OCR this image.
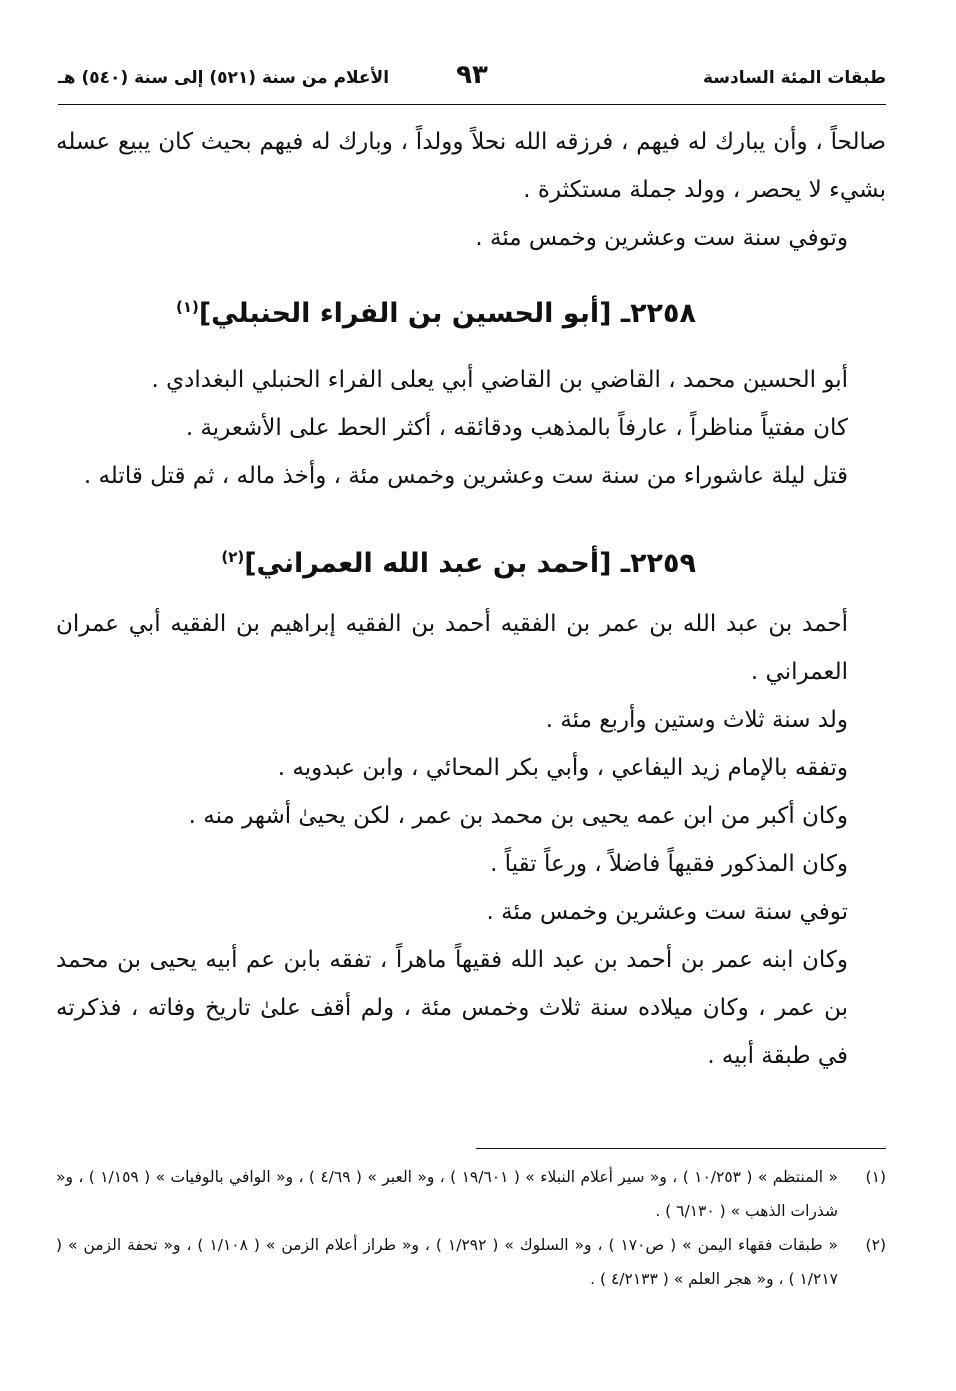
طبقات المئة السادسة
٩٣
الأعلام من سنة (٥٢١) إلى سنة (٥٤٠) هـ

صالحاً ، وأن يبارك له فيهم ، فرزقه الله نحلاً وولداً ، وبارك له فيهم بحيث كان يبيع عسله بشيء لا يحصر ، وولد جملة مستكثرة .

وتوفي سنة ست وعشرين وخمس مئة .

٢٢٥٨ـ [أبو الحسين بن الفراء الحنبلي]$^{(١)}$

أبو الحسين محمد ، القاضي بن القاضي أبي يعلى الفراء الحنبلي البغدادي .

كان مفتياً مناظراً ، عارفاً بالمذهب ودقائقه ، أكثر الحط على الأشعرية .

قتل ليلة عاشوراء من سنة ست وعشرين وخمس مئة ، وأخذ ماله ، ثم قتل قاتله .

٢٢٥٩ـ [أحمد بن عبد الله العمراني]$^{(٢)}$

أحمد بن عبد الله بن عمر بن الفقيه أحمد بن الفقيه إبراهيم بن الفقيه أبي عمران العمراني .

ولد سنة ثلاث وستين وأربع مئة .

وتفقه بالإمام زيد اليفاعي ، وأبي بكر المحائي ، وابن عبدويه .

وكان أكبر من ابن عمه يحيى بن محمد بن عمر ، لكن يحيىٰ أشهر منه .

وكان المذكور فقيهاً فاضلاً ، ورعاً تقياً .

توفي سنة ست وعشرين وخمس مئة .

وكان ابنه عمر بن أحمد بن عبد الله فقيهاً ماهراً ، تفقه بابن عم أبيه يحيى بن محمد بن عمر ، وكان ميلاده سنة ثلاث وخمس مئة ، ولم أقف علىٰ تاريخ وفاته ، فذكرته في طبقة أبيه .

(١)
« المنتظم » ( ١٠/٢٥٣ ) ، و« سير أعلام النبلاء » ( ١٩/٦٠١ ) ، و« العبر » ( ٤/٦٩ ) ، و« الوافي بالوفيات » ( ١/١٥٩ ) ، و« شذرات الذهب » ( ٦/١٣٠ ) .
(٢)
« طبقات فقهاء اليمن » ( ص١٧٠ ) ، و« السلوك » ( ١/٢٩٢ ) ، و« طراز أعلام الزمن » ( ١/١٠٨ ) ، و« تحفة الزمن » ( ١/٢١٧ ) ، و« هجر العلم » ( ٤/٢١٣٣ ) .
